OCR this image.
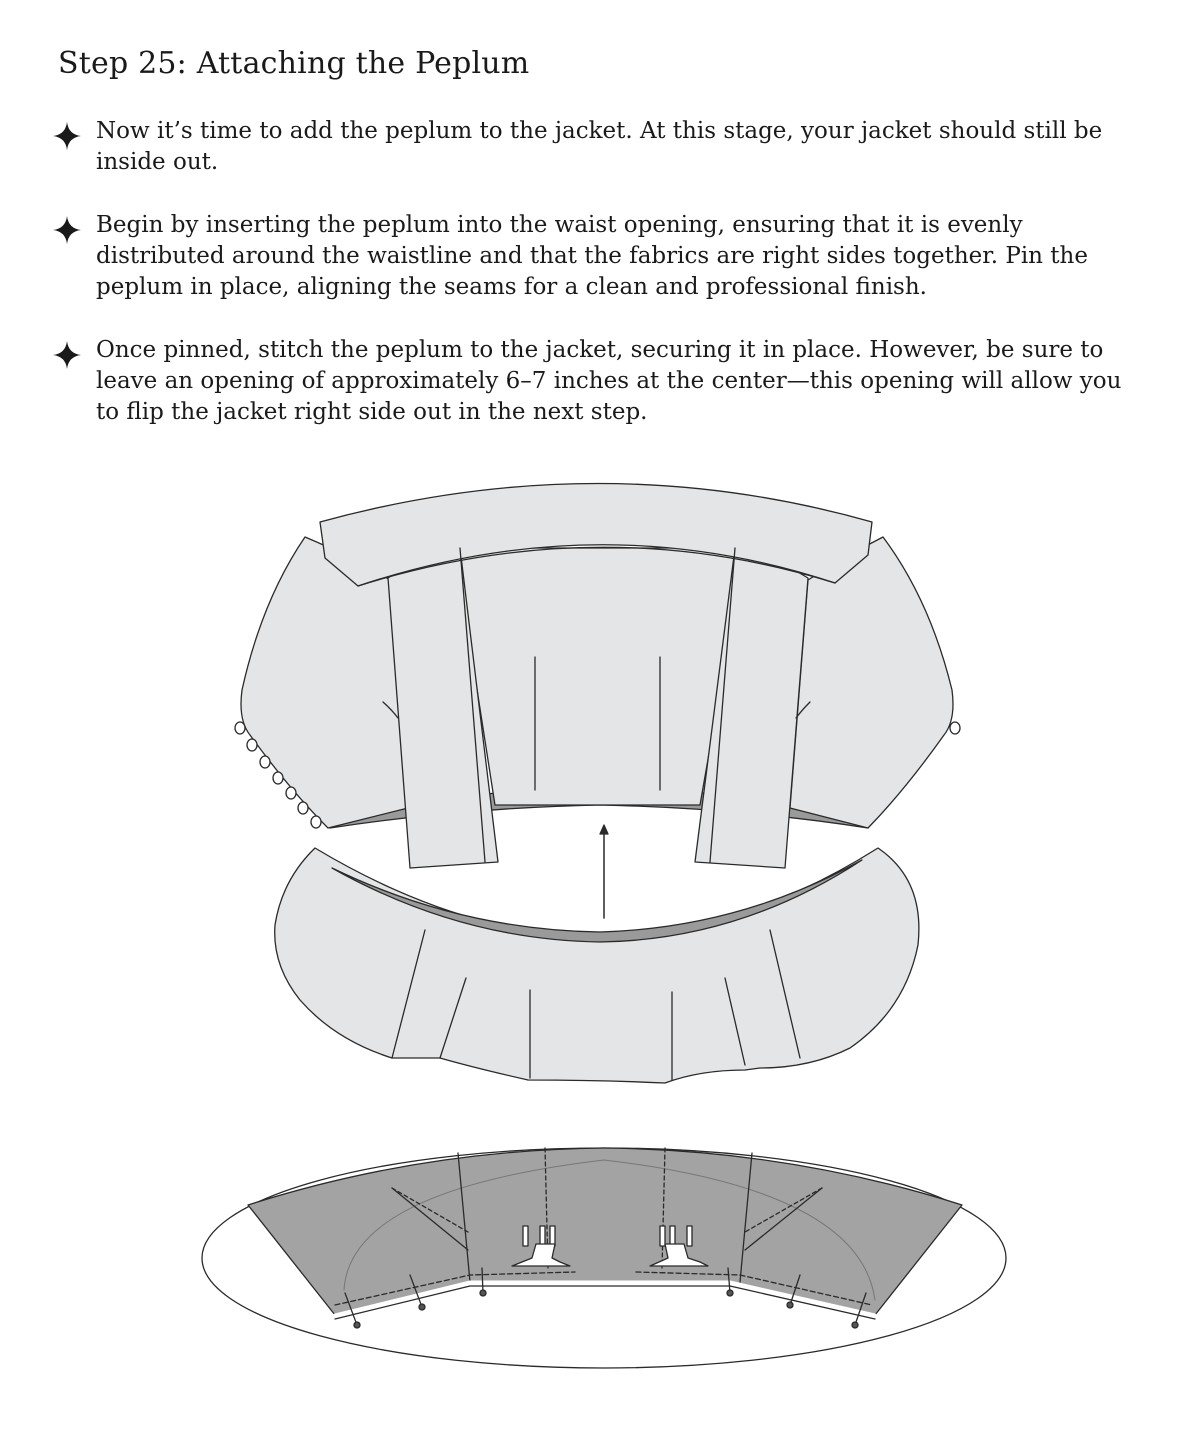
Step 25: Attaching the Peplum
Now it’s time to add the peplum to the jacket. At this stage, your jacket should still be inside out.
Begin by inserting the peplum into the waist opening, ensuring that it is evenly distributed around the waistline and that the fabrics are right sides together. Pin the peplum in place, aligning the seams for a clean and professional finish.
Once pinned, stitch the peplum to the jacket, securing it in place. However, be sure to leave an opening of approximately 6–7 inches at the center—this opening will allow you to flip the jacket right side out in the next step.
